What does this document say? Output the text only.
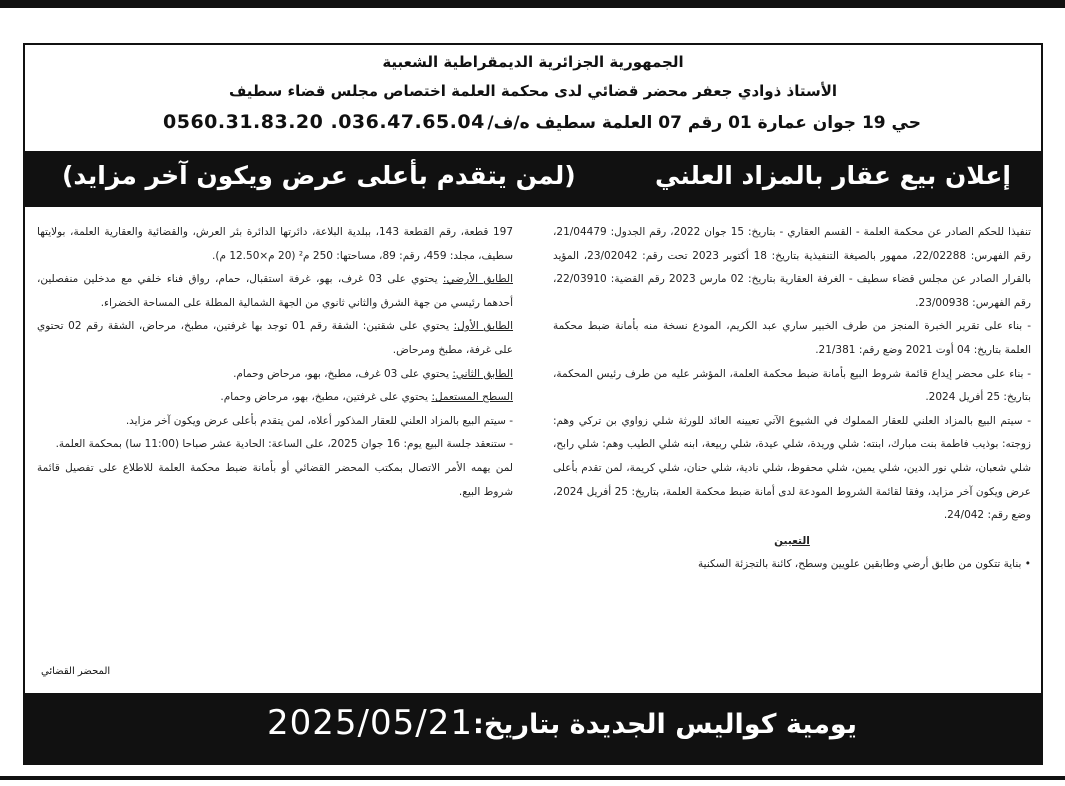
الجمهورية الجزائرية الديمقراطية الشعبية
الأستاذ ذوادي جعفر محضر قضائي لدى محكمة العلمة اختصاص مجلس قضاء سطيف
حي 19 جوان عمارة 01 رقم 07 العلمة سطيف ه/ف/
0560.31.83.20 .036.47.65.04
إعلان بيع عقار بالمزاد العلني
(لمن يتقدم بأعلى عرض ويكون آخر مزايد)

تنفيذا للحكم الصادر عن محكمة العلمة - القسم العقاري - بتاريخ: 15 جوان 2022، رقم الجدول: 21/04479، رقم الفهرس: 22/02288، ممهور بالصيغة التنفيذية بتاريخ: 18 أكتوبر 2023 تحت رقم: 23/02042، المؤيد بالقرار الصادر عن مجلس قضاء سطيف - الغرفة العقارية بتاريخ: 02 مارس 2023 رقم القضية: 22/03910، رقم الفهرس: 23/00938.

- بناء على تقرير الخبرة المنجز من طرف الخبير ساري عبد الكريم، المودع نسخة منه بأمانة ضبط محكمة العلمة بتاريخ: 04 أوت 2021 وضع رقم: 21/381.

- بناء على محضر إيداع قائمة شروط البيع بأمانة ضبط محكمة العلمة، المؤشر عليه من طرف رئيس المحكمة، بتاريخ: 25 أفريل 2024.

- سيتم البيع بالمزاد العلني للعقار المملوك في الشيوع الآتي تعيينه العائد للورثة شلي زواوي بن تركي وهم: زوجته: بوذيب فاطمة بنت مبارك، ابنته: شلي وريدة، شلي عيدة، شلي ربيعة، ابنه شلي الطيب وهم: شلي رابح، شلي شعبان، شلي نور الدين، شلي يمين، شلي محفوظ، شلي نادية، شلي حنان، شلي كريمة، لمن تقدم بأعلى عرض ويكون آخر مزايد، وفقا لقائمة الشروط المودعة لدى أمانة ضبط محكمة العلمة، بتاريخ: 25 أفريل 2024، وضع رقم: 24/042.

التعيين

• بناية تتكون من طابق أرضي وطابقين علويين وسطح، كائنة بالتجزئة السكنية

197 قطعة، رقم القطعة 143، ببلدية البلاعة، دائرتها الدائرة بئر العرش، والقضائية والعقارية العلمة، بولايتها سطيف، مجلد: 459، رقم: 89، مساحتها: 250 م² (20 م×12.50 م).

الطابق الأرضي: يحتوي على 03 غرف، بهو، غرفة استقبال، حمام، رواق فناء خلفي مع مدخلين منفصلين، أحدهما رئيسي من جهة الشرق والثاني ثانوي من الجهة الشمالية المطلة على المساحة الخضراء.

الطابق الأول: يحتوي على شقتين: الشقة رقم 01 توجد بها غرفتين، مطبخ، مرحاض، الشقة رقم 02 تحتوي على غرفة، مطبخ ومرحاض.

الطابق الثاني: يحتوي على 03 غرف، مطبخ، بهو، مرحاض وحمام.

السطح المستعمل: يحتوي على غرفتين، مطبخ، بهو، مرحاض وحمام.

- سيتم البيع بالمزاد العلني للعقار المذكور أعلاه، لمن يتقدم بأعلى عرض ويكون آخر مزايد.

- ستنعقد جلسة البيع يوم: 16 جوان 2025، على الساعة: الحادية عشر صباحا (11:00 سا) بمحكمة العلمة.

لمن يهمه الأمر الاتصال بمكتب المحضر القضائي أو بأمانة ضبط محكمة العلمة للاطلاع على تفصيل قائمة شروط البيع.

المحضر القضائي
يومية كواليس الجديدة بتاريخ:
2025/05/21
